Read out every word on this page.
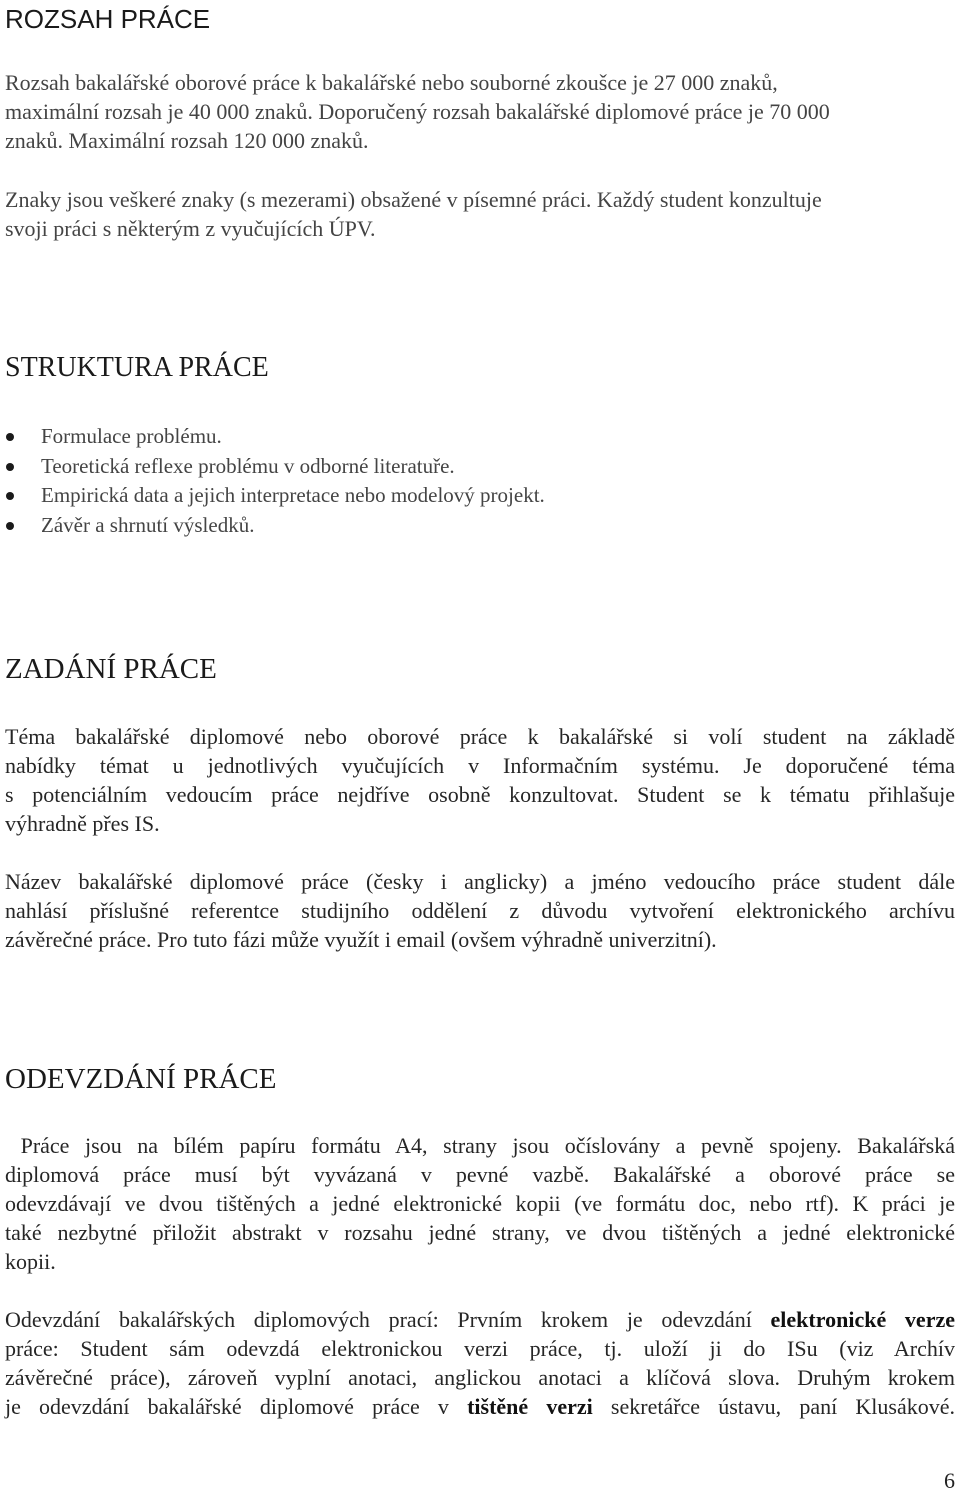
ROZSAH PRÁCE

Rozsah bakalářské oborové práce k bakalářské nebo souborné zkoušce je 27 000 znaků,
maximální rozsah je 40 000 znaků. Doporučený rozsah bakalářské diplomové práce je 70 000
znaků. Maximální rozsah 120 000 znaků.

Znaky jsou veškeré znaky (s mezerami) obsažené v písemné práci. Každý student konzultuje
svoji práci s některým z vyučujících ÚPV.

STRUKTURA PRÁCE
Formulace problému.
Teoretická reflexe problému v odborné literatuře.
Empirická data a jejich interpretace nebo modelový projekt.
Závěr a shrnutí výsledků.
ZADÁNÍ PRÁCE

Téma bakalářské diplomové nebo oborové práce k bakalářské si volí student na základě
nabídky témat u jednotlivých vyučujících v Informačním systému. Je doporučené téma
s potenciálním vedoucím práce nejdříve osobně konzultovat. Student se k tématu přihlašuje
výhradně přes IS.

Název bakalářské diplomové práce (česky i anglicky) a jméno vedoucího práce student dále
nahlásí příslušné referentce studijního oddělení z důvodu vytvoření elektronického archívu
závěrečné práce. Pro tuto fázi může využít i email (ovšem výhradně univerzitní).

ODEVZDÁNÍ PRÁCE

Práce jsou na bílém papíru formátu A4, strany jsou očíslovány a pevně spojeny. Bakalářská
diplomová práce musí být vyvázaná v pevné vazbě. Bakalářské a oborové práce se
odevzdávají ve dvou tištěných a jedné elektronické kopii (ve formátu doc, nebo rtf). K práci je
také nezbytné přiložit abstrakt v rozsahu jedné strany, ve dvou tištěných a jedné elektronické
kopii.

Odevzdání bakalářských diplomových prací: Prvním krokem je odevzdání elektronické verze
práce: Student sám odevzdá elektronickou verzi práce, tj. uloží ji do ISu (viz Archív
závěrečné práce), zároveň vyplní anotaci, anglickou anotaci a klíčová slova. Druhým krokem
je odevzdání bakalářské diplomové práce v tištěné verzi sekretářce ústavu, paní Klusákové.

6
